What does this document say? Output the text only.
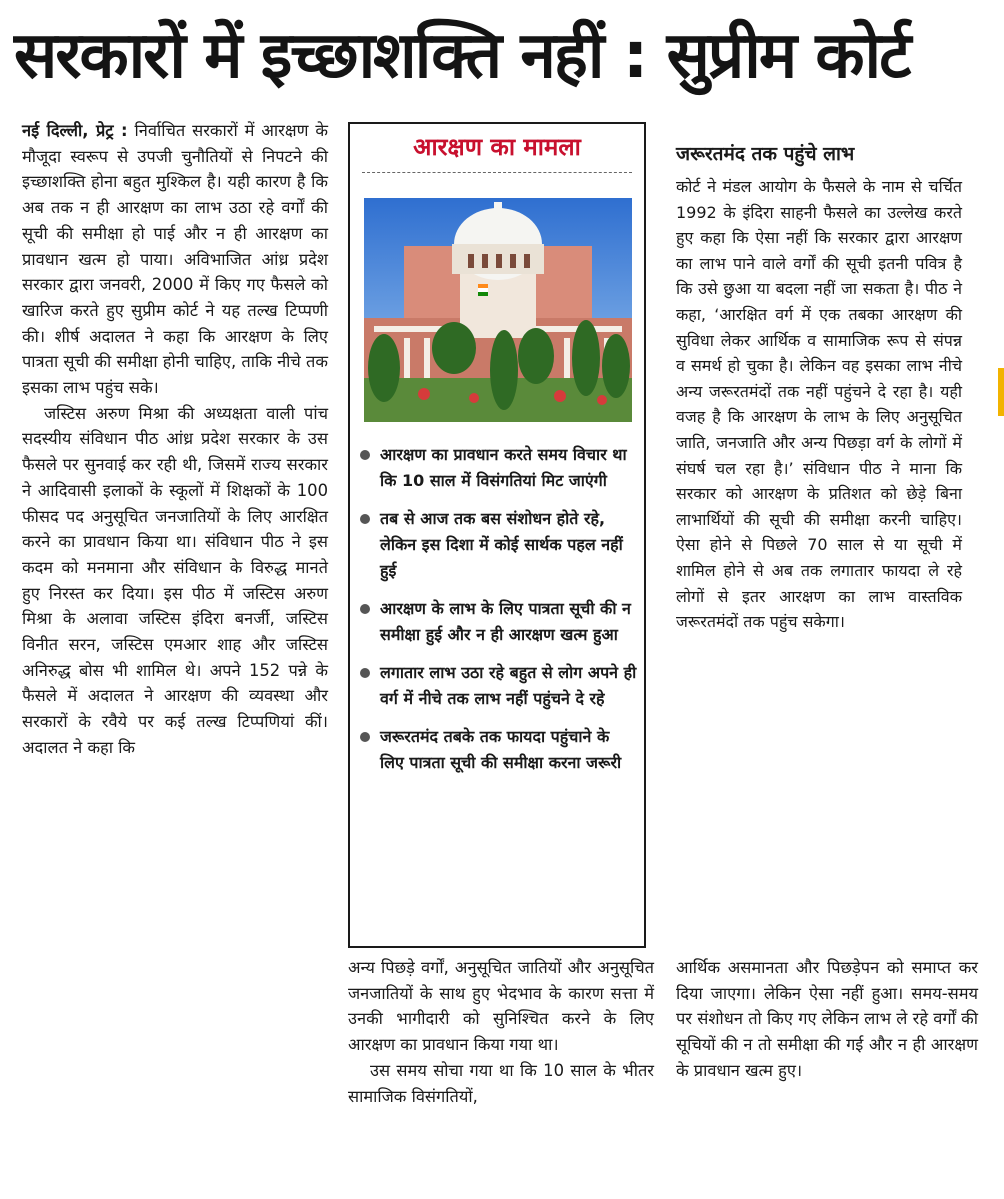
सरकारों में इच्छाशक्ति नहीं : सुप्रीम कोर्ट

नई दिल्ली, प्रेट्र : निर्वाचित सरकारों में आरक्षण के मौजूदा स्वरूप से उपजी चुनौतियों से निपटने की इच्छाशक्ति होना बहुत मुश्किल है। यही कारण है कि अब तक न ही आरक्षण का लाभ उठा रहे वर्गों की सूची की समीक्षा हो पाई और न ही आरक्षण का प्रावधान खत्म हो पाया। अविभाजित आंध्र प्रदेश सरकार द्वारा जनवरी, 2000 में किए गए फैसले को खारिज करते हुए सुप्रीम कोर्ट ने यह तल्ख टिप्पणी की। शीर्ष अदालत ने कहा कि आरक्षण के लिए पात्रता सूची की समीक्षा होनी चाहिए, ताकि नीचे तक इसका लाभ पहुंच सके।

जस्टिस अरुण मिश्रा की अध्यक्षता वाली पांच सदस्यीय संविधान पीठ आंध्र प्रदेश सरकार के उस फैसले पर सुनवाई कर रही थी, जिसमें राज्य सरकार ने आदिवासी इलाकों के स्कूलों में शिक्षकों के 100 फीसद पद अनुसूचित जनजातियों के लिए आरक्षित करने का प्रावधान किया था। संविधान पीठ ने इस कदम को मनमाना और संविधान के विरुद्ध मानते हुए निरस्त कर दिया। इस पीठ में जस्टिस अरुण मिश्रा के अलावा जस्टिस इंदिरा बनर्जी, जस्टिस विनीत सरन, जस्टिस एमआर शाह और जस्टिस अनिरुद्ध बोस भी शामिल थे। अपने 152 पन्ने के फैसले में अदालत ने आरक्षण की व्यवस्था और सरकारों के रवैये पर कई तल्ख टिप्पणियां कीं। अदालत ने कहा कि

आरक्षण का मामला
आरक्षण का प्रावधान करते समय विचार था कि 10 साल में विसंगतियां मिट जाएंगी
तब से आज तक बस संशोधन होते रहे, लेकिन इस दिशा में कोई सार्थक पहल नहीं हुई
आरक्षण के लाभ के लिए पात्रता सूची की न समीक्षा हुई और न ही आरक्षण खत्म हुआ
लगातार लाभ उठा रहे बहुत से लोग अपने ही वर्ग में नीचे तक लाभ नहीं पहुंचने दे रहे
जरूरतमंद तबके तक फायदा पहुंचाने के लिए पात्रता सूची की समीक्षा करना जरूरी

अन्य पिछड़े वर्गों, अनुसूचित जातियों और अनुसूचित जनजातियों के साथ हुए भेदभाव के कारण सत्ता में उनकी भागीदारी को सुनिश्चित करने के लिए आरक्षण का प्रावधान किया गया था।

उस समय सोचा गया था कि 10 साल के भीतर सामाजिक विसंगतियों,

जरूरतमंद तक पहुंचे लाभ

कोर्ट ने मंडल आयोग के फैसले के नाम से चर्चित 1992 के इंदिरा साहनी फैसले का उल्लेख करते हुए कहा कि ऐसा नहीं कि सरकार द्वारा आरक्षण का लाभ पाने वाले वर्गों की सूची इतनी पवित्र है कि उसे छुआ या बदला नहीं जा सकता है। पीठ ने कहा, ‘आरक्षित वर्ग में एक तबका आरक्षण की सुविधा लेकर आर्थिक व सामाजिक रूप से संपन्न व समर्थ हो चुका है। लेकिन वह इसका लाभ नीचे अन्य जरूरतमंदों तक नहीं पहुंचने दे रहा है। यही वजह है कि आरक्षण के लाभ के लिए अनुसूचित जाति, जनजाति और अन्य पिछड़ा वर्ग के लोगों में संघर्ष चल रहा है।’ संविधान पीठ ने माना कि सरकार को आरक्षण के प्रतिशत को छेड़े बिना लाभार्थियों की सूची की समीक्षा करनी चाहिए। ऐसा होने से पिछले 70 साल से या सूची में शामिल होने से अब तक लगातार फायदा ले रहे लोगों से इतर आरक्षण का लाभ वास्तविक जरूरतमंदों तक पहुंच सकेगा।

आर्थिक असमानता और पिछड़ेपन को समाप्त कर दिया जाएगा। लेकिन ऐसा नहीं हुआ। समय-समय पर संशोधन तो किए गए लेकिन लाभ ले रहे वर्गों की सूचियों की न तो समीक्षा की गई और न ही आरक्षण के प्रावधान खत्म हुए।
